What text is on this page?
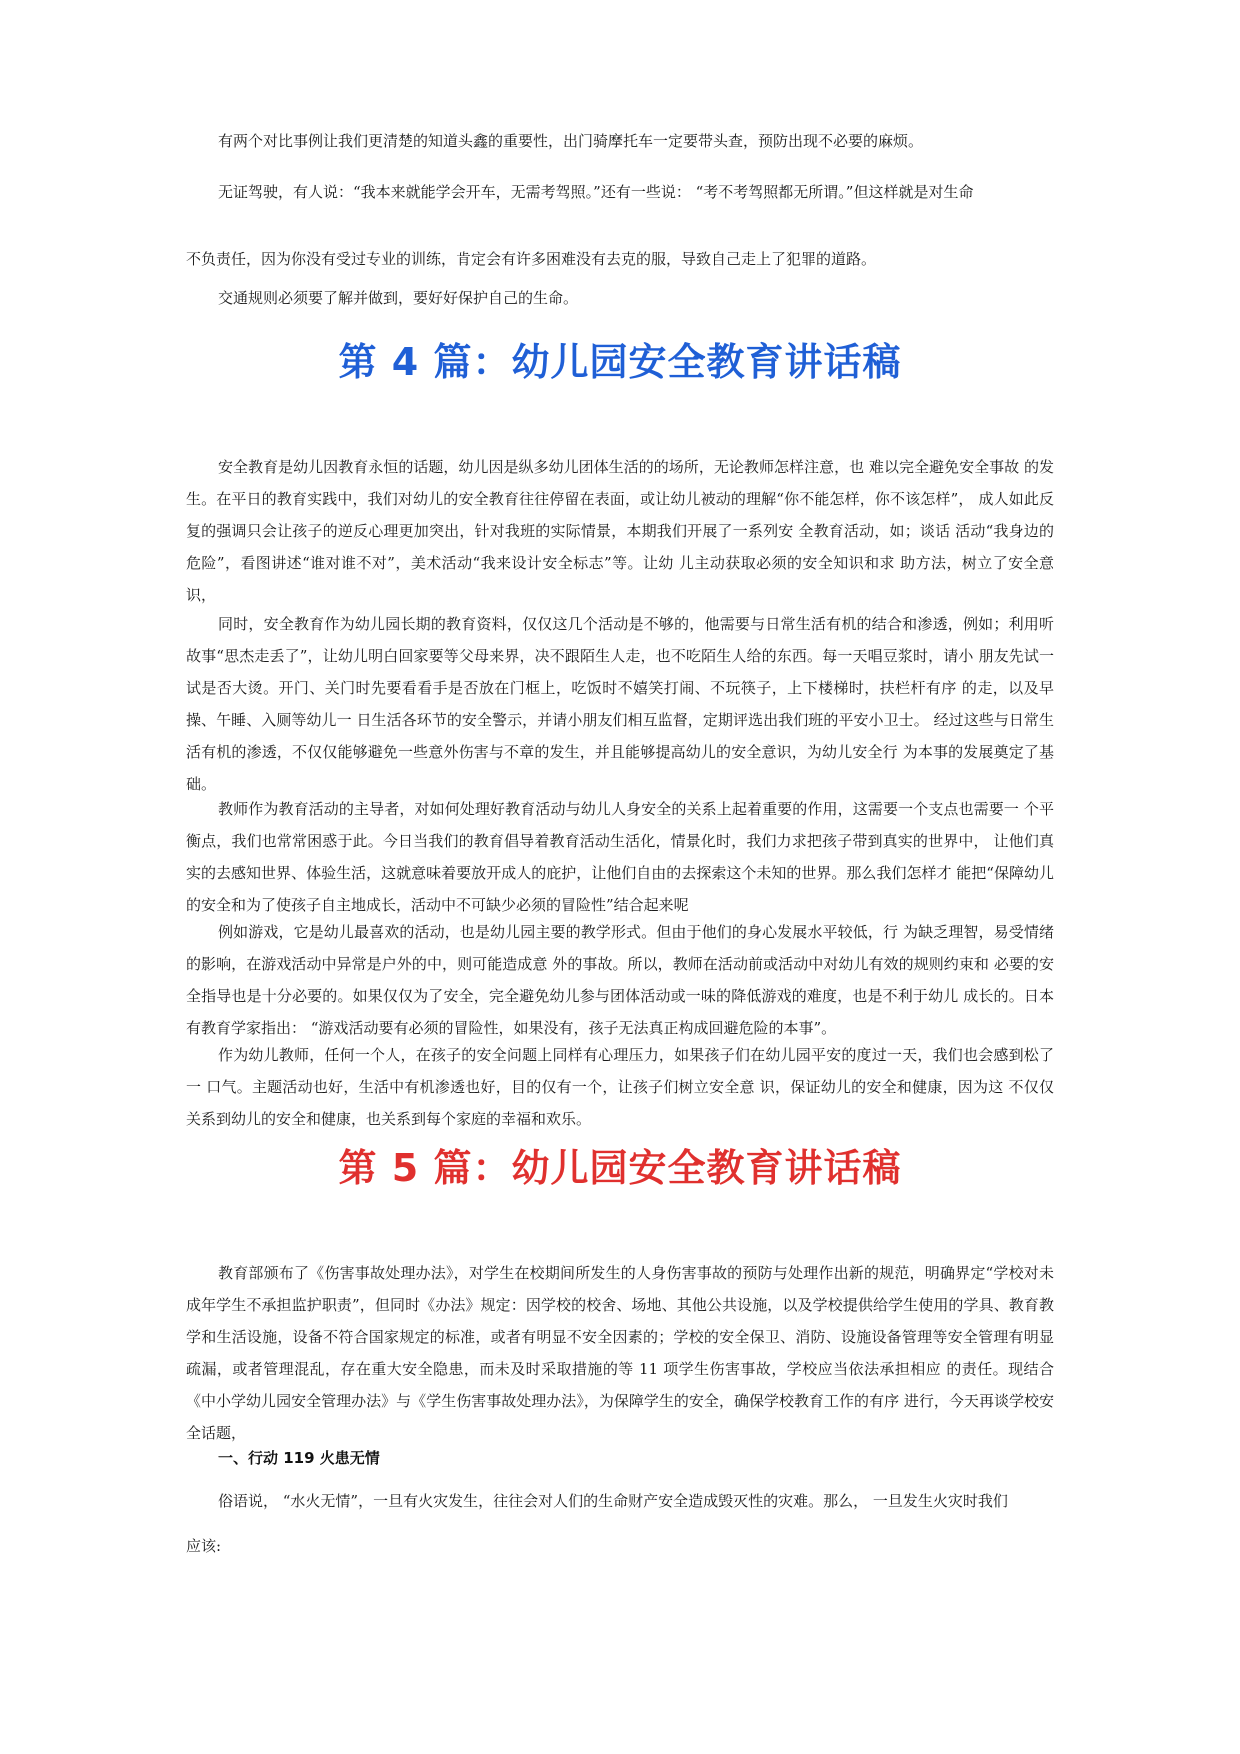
有两个对比事例让我们更清楚的知道头鑫的重要性，出门骑摩托车一定要带头查，预防出现不必要的麻烦。
无证驾驶，有人说：“我本来就能学会开车，无需考驾照。”还有一些说： “考不考驾照都无所谓。”但这样就是对生命
不负责任，因为你没有受过专业的训练，肯定会有许多困难没有去克的服，导致自己走上了犯罪的道路。
交通规则必须要了解并做到，要好好保护自己的生命。
第 4 篇：幼儿园安全教育讲话稿

安全教育是幼儿因教育永恒的话题，幼儿因是纵多幼儿团体生活的的场所，无论教师怎样注意，也 难以完全避免安全事故 的发生。在平日的教育实践中，我们对幼儿的安全教育往往停留在表面，或让幼儿被动的理解“你不能怎样，你不该怎样”， 成人如此反复的强调只会让孩子的逆反心理更加突出，针对我班的实际情景，本期我们开展了一系列安 全教育活动，如；谈话 活动“我身边的危险”，看图讲述“谁对谁不对”，美术活动“我来设计安全标志”等。让幼 儿主动获取必须的安全知识和求 助方法，树立了安全意识，

同时，安全教育作为幼儿园长期的教育资料，仅仅这几个活动是不够的，他需要与日常生活有机的结合和渗透，例如；利用听故事“思杰走丢了”，让幼儿明白回家要等父母来界，决不跟陌生人走，也不吃陌生人给的东西。每一天唱豆浆时，请小 朋友先试一试是否大烫。开门、关门时先要看看手是否放在门框上，吃饭时不嬉笑打闹、不玩筷子，上下楼梯时，扶栏杆有序 的走，以及早操、午睡、入厕等幼儿一 日生活各环节的安全警示，并请小朋友们相互监督，定期评选出我们班的平安小卫士。 经过这些与日常生活有机的渗透，不仅仅能够避免一些意外伤害与不章的发生，并且能够提高幼儿的安全意识，为幼儿安全行 为本事的发展奠定了基础。

教师作为教育活动的主导者，对如何处理好教育活动与幼儿人身安全的关系上起着重要的作用，这需要一个支点也需要一 个平衡点，我们也常常困惑于此。今日当我们的教育倡导着教育活动生活化，情景化时，我们力求把孩子带到真实的世界中， 让他们真实的去感知世界、体验生活，这就意味着要放开成人的庇护，让他们自由的去探索这个未知的世界。那么我们怎样才 能把“保障幼儿的安全和为了使孩子自主地成长，活动中不可缺少必须的冒险性”结合起来呢

例如游戏，它是幼儿最喜欢的活动，也是幼儿园主要的教学形式。但由于他们的身心发展水平较低，行 为缺乏理智，易受情绪的影响，在游戏活动中异常是户外的中，则可能造成意 外的事故。所以，教师在活动前或活动中对幼儿有效的规则约束和 必要的安全指导也是十分必要的。如果仅仅为了安全，完全避免幼儿参与团体活动或一味的降低游戏的难度，也是不利于幼儿 成长的。日本有教育学家指出： “游戏活动要有必须的冒险性，如果没有，孩子无法真正构成回避危险的本事”。

作为幼儿教师，任何一个人，在孩子的安全问题上同样有心理压力，如果孩子们在幼儿园平安的度过一天，我们也会感到松了一 口气。主题活动也好，生活中有机渗透也好，目的仅有一个，让孩子们树立安全意 识，保证幼儿的安全和健康，因为这 不仅仅关系到幼儿的安全和健康，也关系到每个家庭的幸福和欢乐。

第 5 篇：幼儿园安全教育讲话稿

教育部颁布了《伤害事故处理办法》，对学生在校期间所发生的人身伤害事故的预防与处理作出新的规范，明确界定“学校对未成年学生不承担监护职责”，但同时《办法》规定：因学校的校舍、场地、其他公共设施，以及学校提供给学生使用的学具、教育教学和生活设施，设备不符合国家规定的标准，或者有明显不安全因素的；学校的安全保卫、消防、设施设备管理等安全管理有明显疏漏，或者管理混乱，存在重大安全隐患，而未及时采取措施的等 11 项学生伤害事故，学校应当依法承担相应 的责任。现结合《中小学幼儿园安全管理办法》与《学生伤害事故处理办法》，为保障学生的安全，确保学校教育工作的有序 进行，今天再谈学校安全话题，

一、行动 119 火患无情
俗语说， “水火无情”，一旦有火灾发生，往往会对人们的生命财产安全造成毁灭性的灾难。那么， 一旦发生火灾时我们
应该:
